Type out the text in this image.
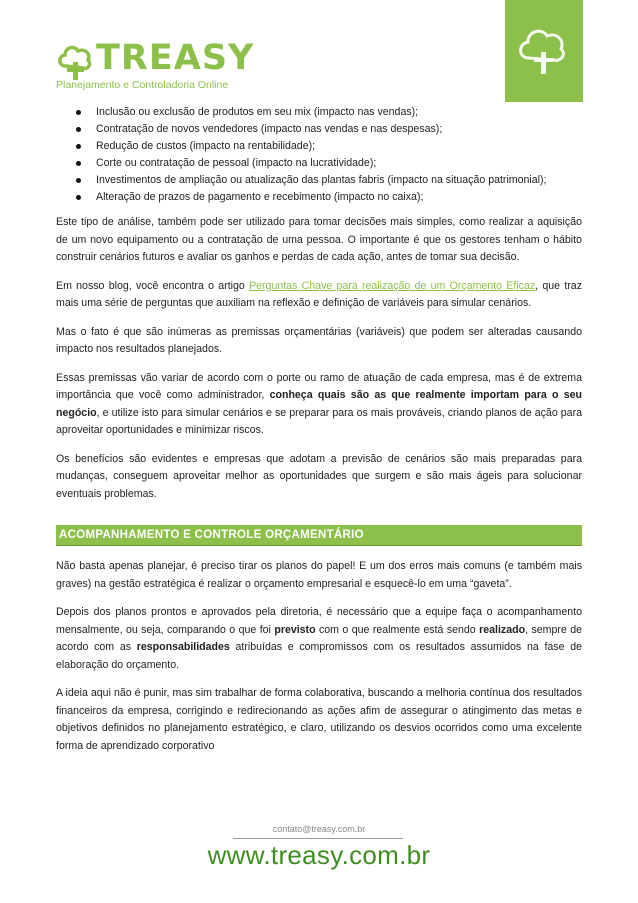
TREASY
Planejamento e Controladoria Online
Inclusão ou exclusão de produtos em seu mix (impacto nas vendas);
Contratação de novos vendedores (impacto nas vendas e nas despesas);
Redução de custos (impacto na rentabilidade);
Corte ou contratação de pessoal (impacto na lucratividade);
Investimentos de ampliação ou atualização das plantas fabris (impacto na situação patrimonial);
Alteração de prazos de pagamento e recebimento (impacto no caixa);

Este tipo de análise, também pode ser utilizado para tomar decisões mais simples, como realizar a aquisição de um novo equipamento ou a contratação de uma pessoa. O importante é que os gestores tenham o hábito construir cenários futuros e avaliar os ganhos e perdas de cada ação, antes de tomar sua decisão.

Em nosso blog, você encontra o artigo Perguntas Chave para realização de um Orçamento Eficaz, que traz mais uma série de perguntas que auxiliam na reflexão e definição de variáveis para simular cenários.

Mas o fato é que são inúmeras as premissas orçamentárias (variáveis) que podem ser alteradas causando impacto nos resultados planejados.

Essas premissas vão variar de acordo com o porte ou ramo de atuação de cada empresa, mas é de extrema importância que você como administrador, conheça quais são as que realmente importam para o seu negócio, e utilize isto para simular cenários e se preparar para os mais prováveis, criando planos de ação para aproveitar oportunidades e minimizar riscos.

Os benefícios são evidentes e empresas que adotam a previsão de cenários são mais preparadas para mudanças, conseguem aproveitar melhor as oportunidades que surgem e são mais ágeis para solucionar eventuais problemas.

ACOMPANHAMENTO E CONTROLE ORÇAMENTÁRIO

Não basta apenas planejar, é preciso tirar os planos do papel! E um dos erros mais comuns (e também mais graves) na gestão estratégica é realizar o orçamento empresarial e esquecê-lo em uma “gaveta”.

Depois dos planos prontos e aprovados pela diretoria, é necessário que a equipe faça o acompanhamento mensalmente, ou seja, comparando o que foi previsto com o que realmente está sendo realizado, sempre de acordo com as responsabilidades atribuídas e compromissos com os resultados assumidos na fase de elaboração do orçamento.

A ideia aqui não é punir, mas sim trabalhar de forma colaborativa, buscando a melhoria contínua dos resultados financeiros da empresa, corrigindo e redirecionando as ações afim de assegurar o atingimento das metas e objetivos definidos no planejamento estratégico, e claro, utilizando os desvios ocorridos como uma excelente forma de aprendizado corporativo

contato@treasy.com.br
www.treasy.com.br
